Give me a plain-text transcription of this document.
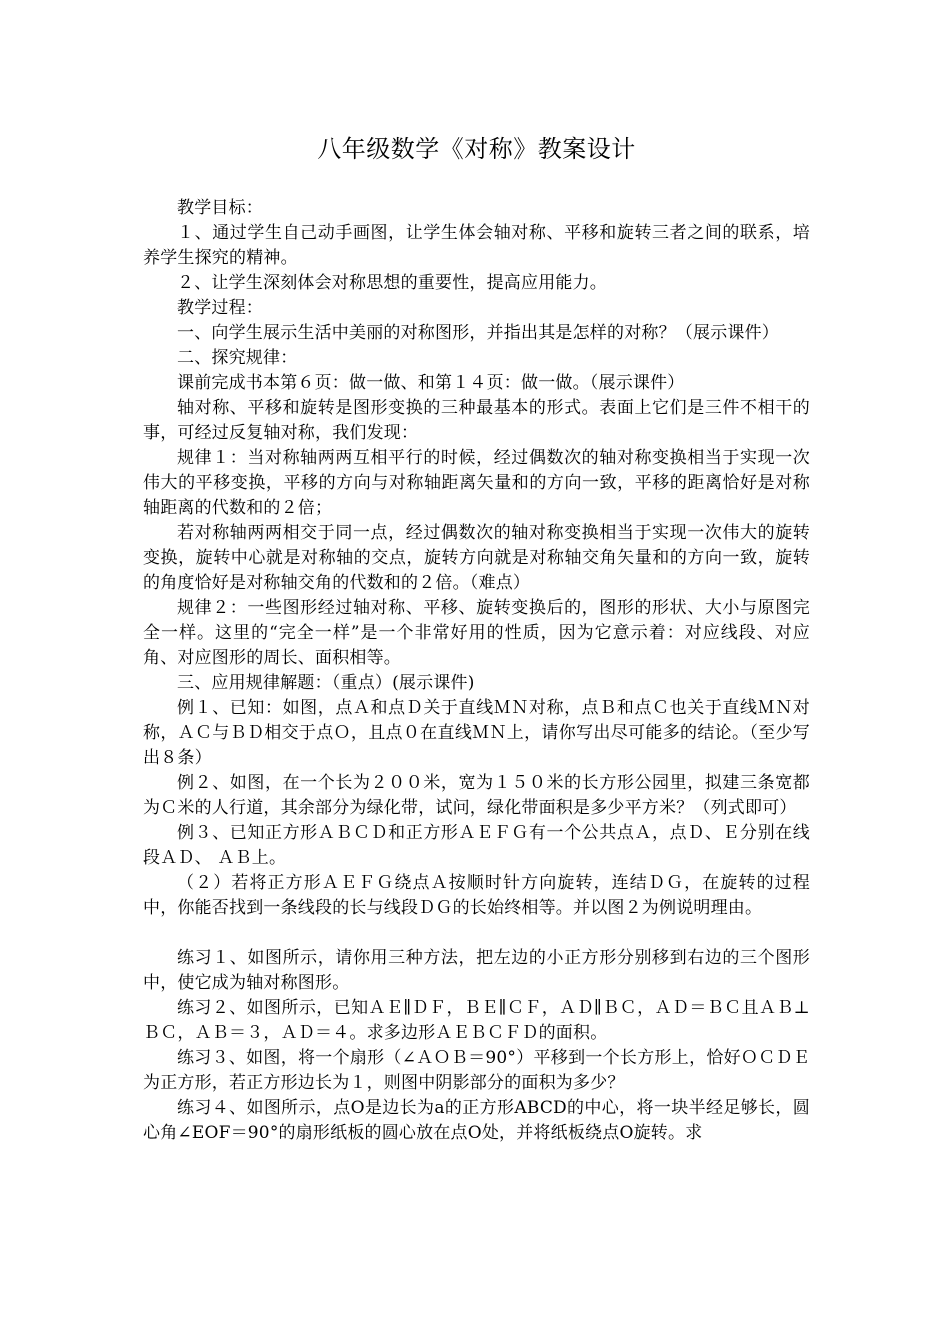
八年级数学《对称》教案设计

教学目标：

１、通过学生自己动手画图，让学生体会轴对称、平移和旋转三者之间的联系，培养学生探究的精神。

２、让学生深刻体会对称思想的重要性，提高应用能力。

教学过程：

一、向学生展示生活中美丽的对称图形，并指出其是怎样的对称？（展示课件）

二、探究规律：

课前完成书本第６页：做一做、和第１４页：做一做。（展示课件）

轴对称、平移和旋转是图形变换的三种最基本的形式。表面上它们是三件不相干的事，可经过反复轴对称，我们发现：

规律１：当对称轴两两互相平行的时候，经过偶数次的轴对称变换相当于实现一次伟大的平移变换，平移的方向与对称轴距离矢量和的方向一致，平移的距离恰好是对称轴距离的代数和的２倍；

若对称轴两两相交于同一点，经过偶数次的轴对称变换相当于实现一次伟大的旋转变换，旋转中心就是对称轴的交点，旋转方向就是对称轴交角矢量和的方向一致，旋转的角度恰好是对称轴交角的代数和的２倍。（难点）

规律２：一些图形经过轴对称、平移、旋转变换后的，图形的形状、大小与原图完全一样。这里的“完全一样”是一个非常好用的性质，因为它意示着：对应线段、对应角、对应图形的周长、面积相等。

三、应用规律解题：（重点）(展示课件)

例１、已知：如图，点Ａ和点Ｄ关于直线ＭＮ对称，点Ｂ和点Ｃ也关于直线ＭＮ对称，ＡＣ与ＢＤ相交于点Ｏ，且点０在直线ＭＮ上，请你写出尽可能多的结论。（至少写出８条）

例２、如图，在一个长为２００米，宽为１５０米的长方形公园里，拟建三条宽都为Ｃ米的人行道，其余部分为绿化带，试问，绿化带面积是多少平方米？（列式即可）

例３、已知正方形ＡＢＣＤ和正方形ＡＥＦＧ有一个公共点Ａ，点Ｄ、Ｅ分别在线段ＡＤ、 ＡＢ上。

（２）若将正方形ＡＥＦＧ绕点Ａ按顺时针方向旋转，连结ＤＧ，在旋转的过程中，你能否找到一条线段的长与线段ＤＧ的长始终相等。并以图２为例说明理由。

练习１、如图所示，请你用三种方法，把左边的小正方形分别移到右边的三个图形中，使它成为轴对称图形。

练习２、如图所示，已知ＡＥ∥ＤＦ，ＢＥ∥ＣＦ，ＡＤ∥ＢＣ，ＡＤ＝ＢＣ且ＡＢ⊥ＢＣ，ＡＢ＝３，ＡＤ＝４。求多边形ＡＥＢＣＦＤ的面积。

练习３、如图，将一个扇形（∠ＡＯＢ＝90°）平移到一个长方形上，恰好ＯＣＤＥ为正方形，若正方形边长为１，则图中阴影部分的面积为多少？

练习４、如图所示，点O是边长为a的正方形ABCD的中心，将一块半经足够长，圆心角∠EOF＝90°的扇形纸板的圆心放在点O处，并将纸板绕点O旋转。求
